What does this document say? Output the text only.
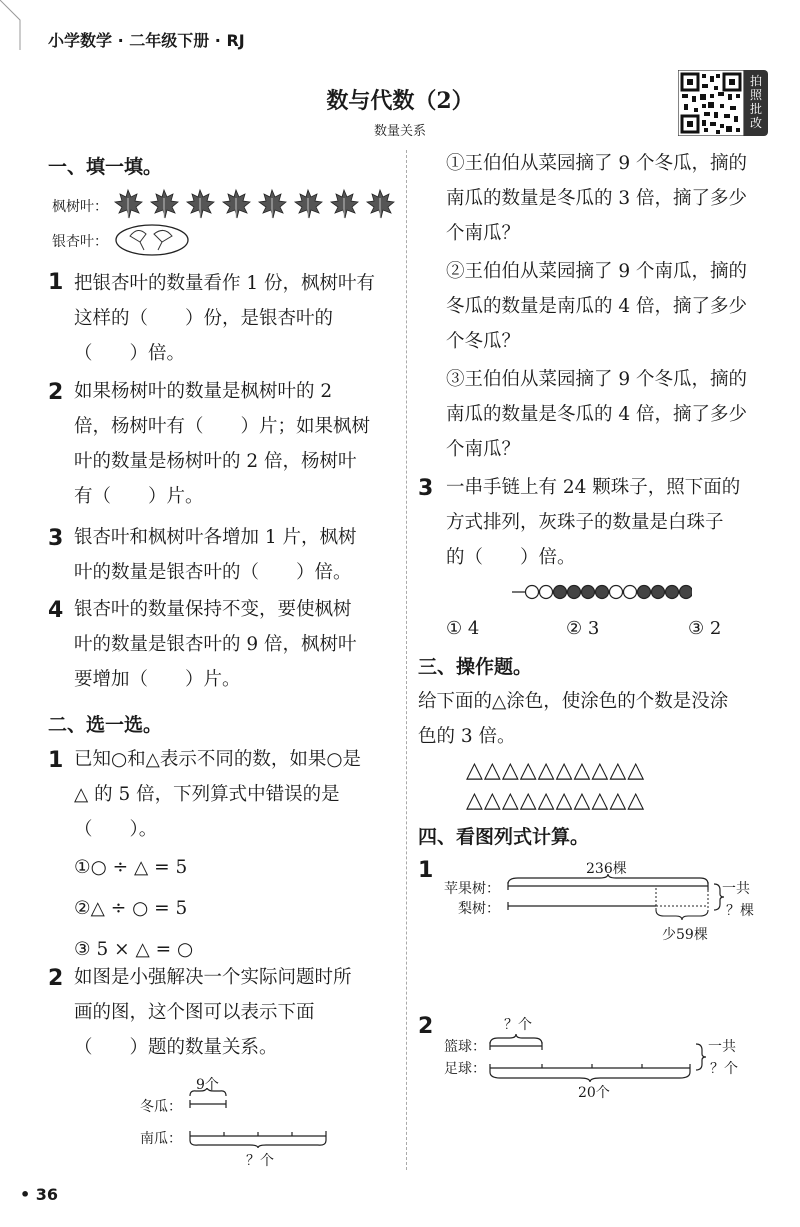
小学数学 · 二年级下册 · RJ
数与代数（2）
数量关系
拍
照
批
改
一、填一填。
枫树叶：
银杏叶：
1 把银杏叶的数量看作 1 份，枫树叶有
这样的（　　）份，是银杏叶的
（　　）倍。
2 如果杨树叶的数量是枫树叶的 2
倍，杨树叶有（　　）片；如果枫树
叶的数量是杨树叶的 2 倍，杨树叶
有（　　）片。
3 银杏叶和枫树叶各增加 1 片，枫树
叶的数量是银杏叶的（　　）倍。
4 银杏叶的数量保持不变，要使枫树
叶的数量是银杏叶的 9 倍，枫树叶
要增加（　　）片。
二、选一选。
1 已知○和△表示不同的数，如果○是
△ 的 5 倍，下列算式中错误的是
（　　）。
①○ ÷ △ = 5
②△ ÷ ○ = 5
③ 5 × △ = ○
2 如图是小强解决一个实际问题时所
画的图，这个图可以表示下面
（　　）题的数量关系。
9个
冬瓜：
南瓜：
？个
• 36
①王伯伯从菜园摘了 9 个冬瓜，摘的
南瓜的数量是冬瓜的 3 倍，摘了多少
个南瓜？
②王伯伯从菜园摘了 9 个南瓜，摘的
冬瓜的数量是南瓜的 4 倍，摘了多少
个冬瓜？
③王伯伯从菜园摘了 9 个冬瓜，摘的
南瓜的数量是冬瓜的 4 倍，摘了多少
个南瓜？
3 一串手链上有 24 颗珠子，照下面的
方式排列，灰珠子的数量是白珠子
的（　　）倍。
① 4	② 3	③ 2
三、操作题。
给下面的△涂色，使涂色的个数是没涂
色的 3 倍。
△△△△△△△△△△
△△△△△△△△△△
四、看图列式计算。
1	236棵
苹果树：
梨树：
一共
？棵
少59棵
2	？个
篮球：
足球：
一共
？个
20个
